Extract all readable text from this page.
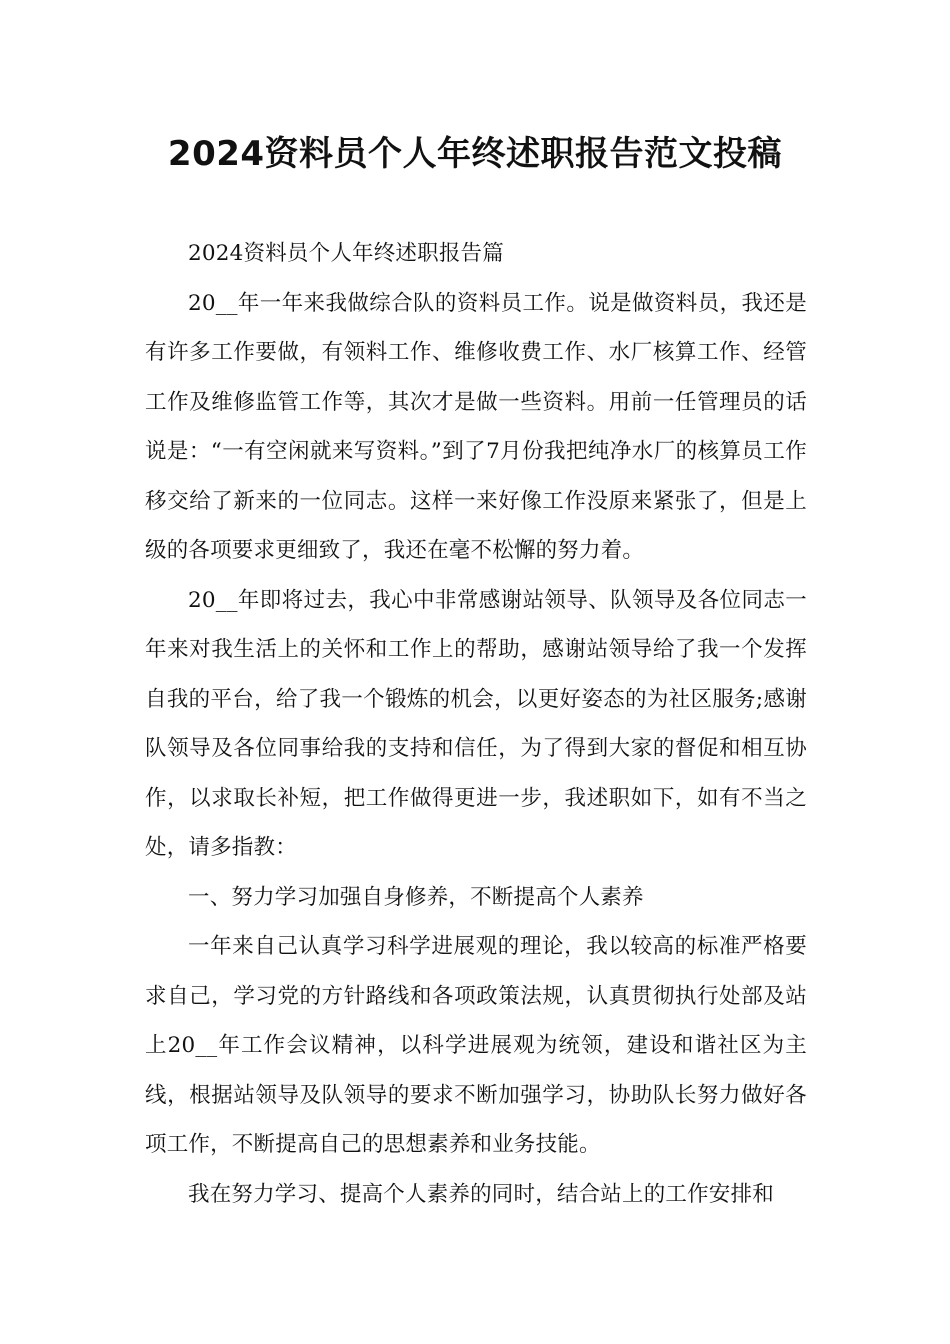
2024资料员个人年终述职报告范文投稿

2024资料员个人年终述职报告篇

20__年一年来我做综合队的资料员工作。说是做资料员，我还是有许多工作要做，有领料工作、维修收费工作、水厂核算工作、经管工作及维修监管工作等，其次才是做一些资料。用前一任管理员的话说是：“一有空闲就来写资料。”到了7月份我把纯净水厂的核算员工作移交给了新来的一位同志。这样一来好像工作没原来紧张了，但是上级的各项要求更细致了，我还在毫不松懈的努力着。

20__年即将过去，我心中非常感谢站领导、队领导及各位同志一年来对我生活上的关怀和工作上的帮助，感谢站领导给了我一个发挥自我的平台，给了我一个锻炼的机会，以更好姿态的为社区服务;感谢队领导及各位同事给我的支持和信任，为了得到大家的督促和相互协作，以求取长补短，把工作做得更进一步，我述职如下，如有不当之处，请多指教：

一、努力学习加强自身修养，不断提高个人素养

一年来自己认真学习科学进展观的理论，我以较高的标准严格要求自己，学习党的方针路线和各项政策法规，认真贯彻执行处部及站上20__年工作会议精神，以科学进展观为统领，建设和谐社区为主线，根据站领导及队领导的要求不断加强学习，协助队长努力做好各项工作，不断提高自己的思想素养和业务技能。

我在努力学习、提高个人素养的同时，结合站上的工作安排和
